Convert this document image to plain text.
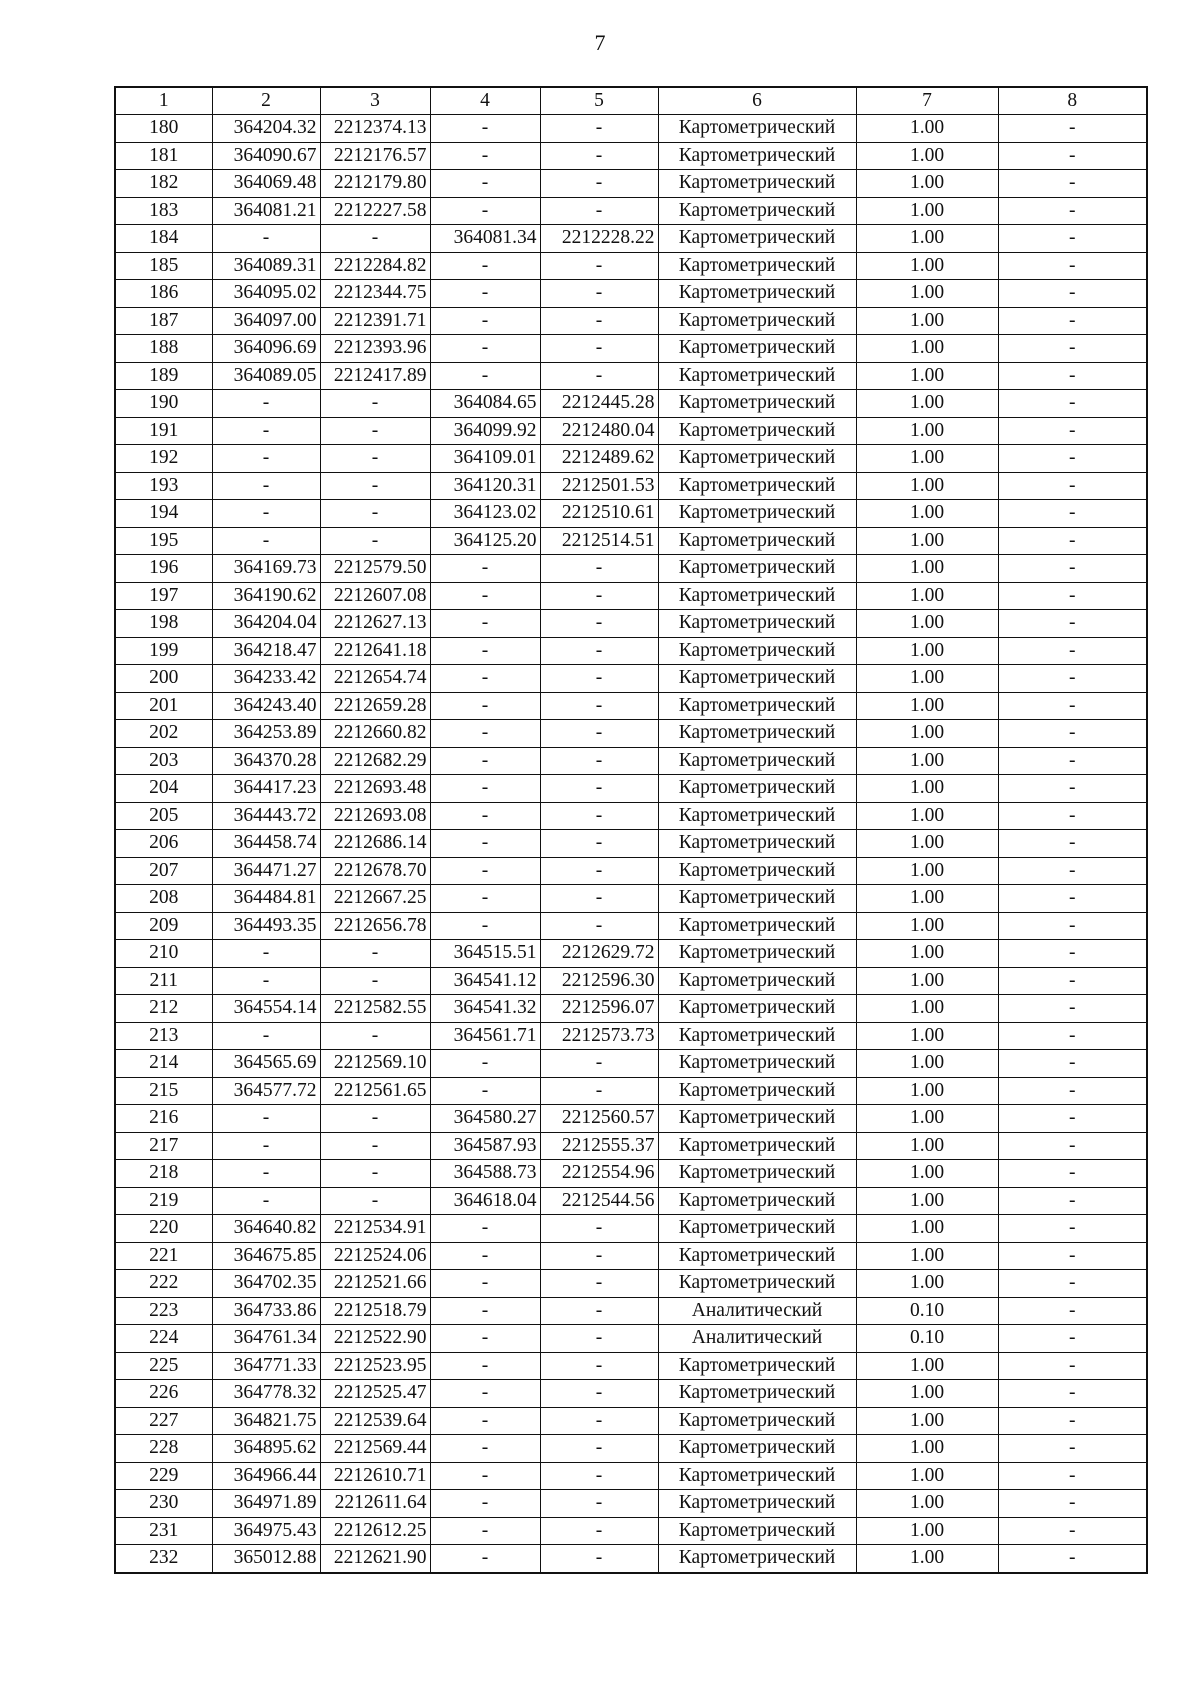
7
1	2	3	4	5	6	7	8
180	364204.32	2212374.13	-	-	Картометрический	1.00	-
181	364090.67	2212176.57	-	-	Картометрический	1.00	-
182	364069.48	2212179.80	-	-	Картометрический	1.00	-
183	364081.21	2212227.58	-	-	Картометрический	1.00	-
184	-	-	364081.34	2212228.22	Картометрический	1.00	-
185	364089.31	2212284.82	-	-	Картометрический	1.00	-
186	364095.02	2212344.75	-	-	Картометрический	1.00	-
187	364097.00	2212391.71	-	-	Картометрический	1.00	-
188	364096.69	2212393.96	-	-	Картометрический	1.00	-
189	364089.05	2212417.89	-	-	Картометрический	1.00	-
190	-	-	364084.65	2212445.28	Картометрический	1.00	-
191	-	-	364099.92	2212480.04	Картометрический	1.00	-
192	-	-	364109.01	2212489.62	Картометрический	1.00	-
193	-	-	364120.31	2212501.53	Картометрический	1.00	-
194	-	-	364123.02	2212510.61	Картометрический	1.00	-
195	-	-	364125.20	2212514.51	Картометрический	1.00	-
196	364169.73	2212579.50	-	-	Картометрический	1.00	-
197	364190.62	2212607.08	-	-	Картометрический	1.00	-
198	364204.04	2212627.13	-	-	Картометрический	1.00	-
199	364218.47	2212641.18	-	-	Картометрический	1.00	-
200	364233.42	2212654.74	-	-	Картометрический	1.00	-
201	364243.40	2212659.28	-	-	Картометрический	1.00	-
202	364253.89	2212660.82	-	-	Картометрический	1.00	-
203	364370.28	2212682.29	-	-	Картометрический	1.00	-
204	364417.23	2212693.48	-	-	Картометрический	1.00	-
205	364443.72	2212693.08	-	-	Картометрический	1.00	-
206	364458.74	2212686.14	-	-	Картометрический	1.00	-
207	364471.27	2212678.70	-	-	Картометрический	1.00	-
208	364484.81	2212667.25	-	-	Картометрический	1.00	-
209	364493.35	2212656.78	-	-	Картометрический	1.00	-
210	-	-	364515.51	2212629.72	Картометрический	1.00	-
211	-	-	364541.12	2212596.30	Картометрический	1.00	-
212	364554.14	2212582.55	364541.32	2212596.07	Картометрический	1.00	-
213	-	-	364561.71	2212573.73	Картометрический	1.00	-
214	364565.69	2212569.10	-	-	Картометрический	1.00	-
215	364577.72	2212561.65	-	-	Картометрический	1.00	-
216	-	-	364580.27	2212560.57	Картометрический	1.00	-
217	-	-	364587.93	2212555.37	Картометрический	1.00	-
218	-	-	364588.73	2212554.96	Картометрический	1.00	-
219	-	-	364618.04	2212544.56	Картометрический	1.00	-
220	364640.82	2212534.91	-	-	Картометрический	1.00	-
221	364675.85	2212524.06	-	-	Картометрический	1.00	-
222	364702.35	2212521.66	-	-	Картометрический	1.00	-
223	364733.86	2212518.79	-	-	Аналитический	0.10	-
224	364761.34	2212522.90	-	-	Аналитический	0.10	-
225	364771.33	2212523.95	-	-	Картометрический	1.00	-
226	364778.32	2212525.47	-	-	Картометрический	1.00	-
227	364821.75	2212539.64	-	-	Картометрический	1.00	-
228	364895.62	2212569.44	-	-	Картометрический	1.00	-
229	364966.44	2212610.71	-	-	Картометрический	1.00	-
230	364971.89	2212611.64	-	-	Картометрический	1.00	-
231	364975.43	2212612.25	-	-	Картометрический	1.00	-
232	365012.88	2212621.90	-	-	Картометрический	1.00	-
